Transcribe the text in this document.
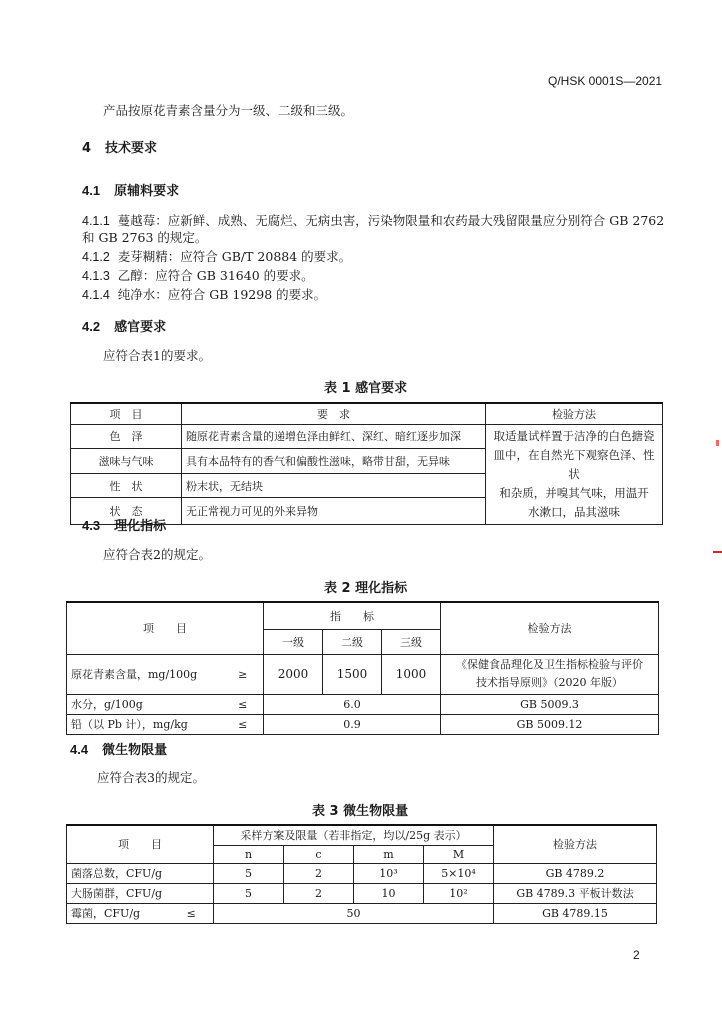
Q/HSK 0001S—2021
产品按原花青素含量分为一级、二级和三级。
4 技术要求
4.1 原辅料要求
4.1.1 蔓越莓：应新鲜、成熟、无腐烂、无病虫害，污染物限量和农药最大残留限量应分别符合 GB 2762
和 GB 2763 的规定。
4.1.2 麦芽糊精：应符合 GB/T 20884 的要求。
4.1.3 乙醇：应符合 GB 31640 的要求。
4.1.4 纯净水：应符合 GB 19298 的要求。
4.2 感官要求
应符合表1的要求。
表 1 感官要求
项　目	要　求	检验方法
色　泽	随原花青素含量的递增色泽由鲜红、深红、暗红逐步加深	取适量试样置于洁净的白色搪瓷
皿中，在自然光下观察色泽、性状
和杂质，并嗅其气味，用温开
水漱口，品其滋味

滋味与气味	具有本品特有的香气和偏酸性滋味，略带甘甜，无异味	
性　状	粉末状，无结块	
状　态	无正常视力可见的外来异物	
4.3 理化指标
应符合表2的规定。
表 2 理化指标
项　　目		指　　标			检验方法
		一级	二级	三级	
原花青素含量，mg/100g	≥	2000	1500	1000	《保健食品理化及卫生指标检验与评价
技术指导原则》（2020 年版）

水分，g/100g	≤	6.0			GB 5009.3
铅（以 Pb 计），mg/kg	≤	0.9			GB 5009.12
4.4 微生物限量
应符合表3的规定。
表 3 微生物限量
项　　目		采样方案及限量（若非指定，均以/25g 表示）				检验方法
		n	c	m	M	
菌落总数，CFU/g		5	2	10³	5×10⁴	GB 4789.2
大肠菌群，CFU/g		5	2	10	10²	GB 4789.3 平板计数法
霉菌，CFU/g	≤	50				GB 4789.15
2
